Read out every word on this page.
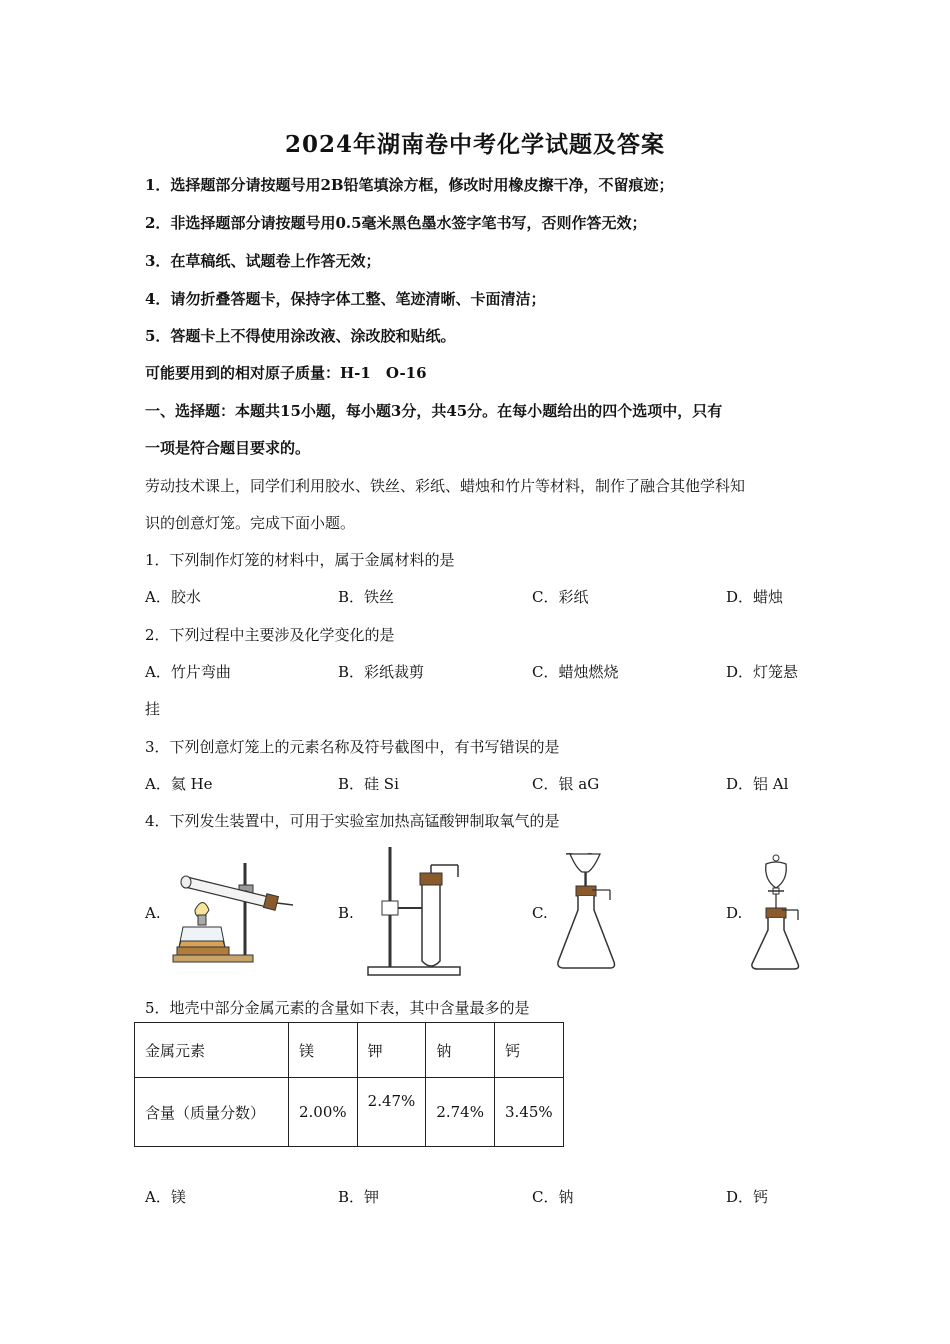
2024年湖南卷中考化学试题及答案
1．选择题部分请按题号用2B铅笔填涂方框，修改时用橡皮擦干净，不留痕迹；
2．非选择题部分请按题号用0.5毫米黑色墨水签字笔书写，否则作答无效；
3．在草稿纸、试题卷上作答无效；
4．请勿折叠答题卡，保持字体工整、笔迹清晰、卡面清洁；
5．答题卡上不得使用涂改液、涂改胶和贴纸。
可能要用到的相对原子质量：H-1　O-16
一、选择题：本题共15小题，每小题3分，共45分。在每小题给出的四个选项中，只有
一项是符合题目要求的。
劳动技术课上，同学们利用胶水、铁丝、彩纸、蜡烛和竹片等材料，制作了融合其他学科知
识的创意灯笼。完成下面小题。
1．下列制作灯笼的材料中，属于金属材料的是
A．胶水	B．铁丝	C．彩纸	D．蜡烛
2．下列过程中主要涉及化学变化的是
A．竹片弯曲	B．彩纸裁剪	C．蜡烛燃烧	D．灯笼悬
挂
3．下列创意灯笼上的元素名称及符号截图中，有书写错误的是
A．氦 He	B．硅 Si	C．银 aG	D．铝 Al
4．下列发生装置中，可用于实验室加热高锰酸钾制取氧气的是
A.	B.	C.	D.
5．地壳中部分金属元素的含量如下表，其中含量最多的是
金属元素	镁	钾	钠	钙
含量（质量分数）	2.00%	2.47%	2.74%	3.45%
A．镁	B．钾	C．钠	D．钙
